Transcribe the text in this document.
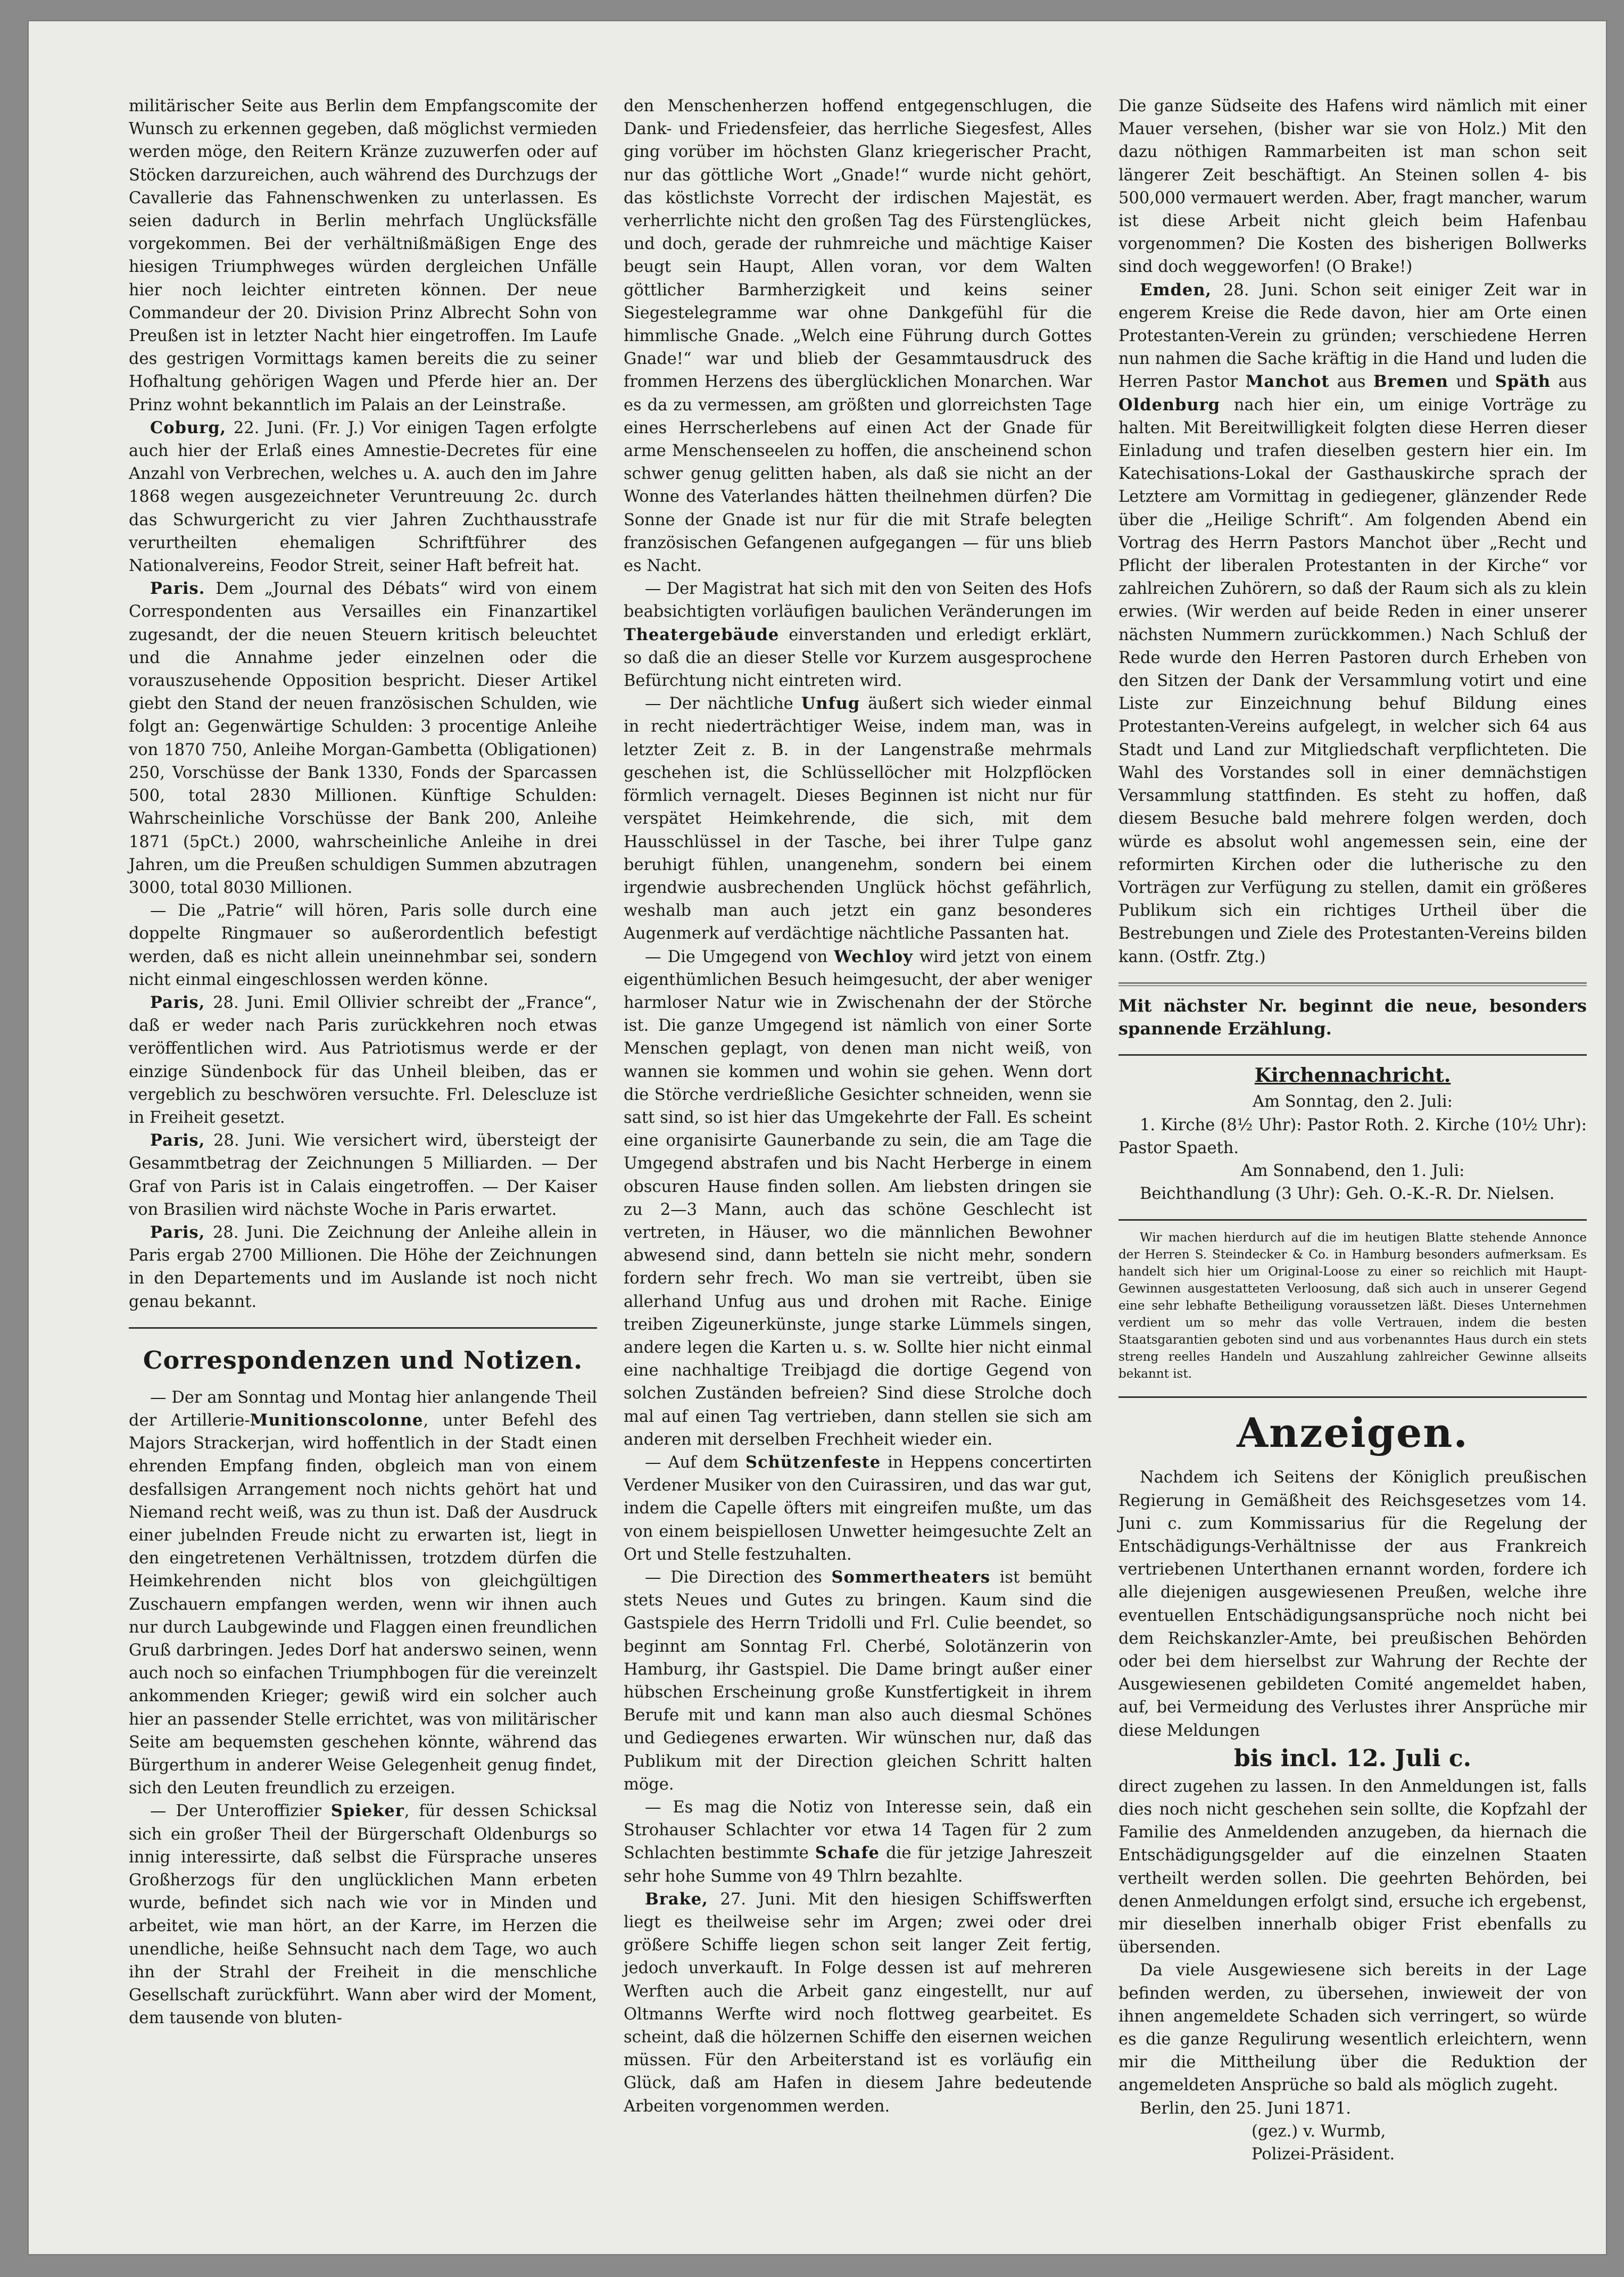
militärischer Seite aus Berlin dem Empfangscomite der Wunsch zu erkennen gegeben, daß möglichst vermieden werden möge, den Reitern Kränze zuzuwerfen oder auf Stöcken darzureichen, auch während des Durchzugs der Cavallerie das Fahnenschwenken zu unterlassen. Es seien dadurch in Berlin mehrfach Unglücksfälle vorgekommen. Bei der verhältnißmäßigen Enge des hiesigen Triumphweges würden dergleichen Unfälle hier noch leichter eintreten können. Der neue Commandeur der 20. Division Prinz Albrecht Sohn von Preußen ist in letzter Nacht hier eingetroffen. Im Laufe des gestrigen Vormittags kamen bereits die zu seiner Hofhaltung gehörigen Wagen und Pferde hier an. Der Prinz wohnt bekanntlich im Palais an der Leinstraße.

Coburg, 22. Juni. (Fr. J.) Vor einigen Tagen erfolgte auch hier der Erlaß eines Amnestie-Decretes für eine Anzahl von Verbrechen, welches u. A. auch den im Jahre 1868 wegen ausgezeichneter Veruntreuung 2c. durch das Schwurgericht zu vier Jahren Zuchthausstrafe verurtheilten ehemaligen Schriftführer des Nationalvereins, Feodor Streit, seiner Haft befreit hat.

Paris. Dem „Journal des Débats“ wird von einem Correspondenten aus Versailles ein Finanzartikel zugesandt, der die neuen Steuern kritisch beleuchtet und die Annahme jeder einzelnen oder die vorauszusehende Opposition bespricht. Dieser Artikel giebt den Stand der neuen französischen Schulden, wie folgt an: Gegenwärtige Schulden: 3 procentige Anleihe von 1870 750, Anleihe Morgan-Gambetta (Obligationen) 250, Vorschüsse der Bank 1330, Fonds der Sparcassen 500, total 2830 Millionen. Künftige Schulden: Wahrscheinliche Vorschüsse der Bank 200, Anleihe 1871 (5pCt.) 2000, wahrscheinliche Anleihe in drei Jahren, um die Preußen schuldigen Summen abzutragen 3000, total 8030 Millionen.

— Die „Patrie“ will hören, Paris solle durch eine doppelte Ringmauer so außerordentlich befestigt werden, daß es nicht allein uneinnehmbar sei, sondern nicht einmal eingeschlossen werden könne.

Paris, 28. Juni. Emil Ollivier schreibt der „France“, daß er weder nach Paris zurückkehren noch etwas veröffentlichen wird. Aus Patriotismus werde er der einzige Sündenbock für das Unheil bleiben, das er vergeblich zu beschwören versuchte. Frl. Delescluze ist in Freiheit gesetzt.

Paris, 28. Juni. Wie versichert wird, übersteigt der Gesammtbetrag der Zeichnungen 5 Milliarden. — Der Graf von Paris ist in Calais eingetroffen. — Der Kaiser von Brasilien wird nächste Woche in Paris erwartet.

Paris, 28. Juni. Die Zeichnung der Anleihe allein in Paris ergab 2700 Millionen. Die Höhe der Zeichnungen in den Departements und im Auslande ist noch nicht genau bekannt.

Correspondenzen und Notizen.

— Der am Sonntag und Montag hier anlangende Theil der Artillerie-Munitionscolonne, unter Befehl des Majors Strackerjan, wird hoffentlich in der Stadt einen ehrenden Empfang finden, obgleich man von einem desfallsigen Arrangement noch nichts gehört hat und Niemand recht weiß, was zu thun ist. Daß der Ausdruck einer jubelnden Freude nicht zu erwarten ist, liegt in den eingetretenen Verhältnissen, trotzdem dürfen die Heimkehrenden nicht blos von gleichgültigen Zuschauern empfangen werden, wenn wir ihnen auch nur durch Laubgewinde und Flaggen einen freundlichen Gruß darbringen. Jedes Dorf hat anderswo seinen, wenn auch noch so einfachen Triumphbogen für die vereinzelt ankommenden Krieger; gewiß wird ein solcher auch hier an passender Stelle errichtet, was von militärischer Seite am bequemsten geschehen könnte, während das Bürgerthum in anderer Weise Gelegenheit genug findet, sich den Leuten freundlich zu erzeigen.

— Der Unteroffizier Spieker, für dessen Schicksal sich ein großer Theil der Bürgerschaft Oldenburgs so innig interessirte, daß selbst die Fürsprache unseres Großherzogs für den unglücklichen Mann erbeten wurde, befindet sich nach wie vor in Minden und arbeitet, wie man hört, an der Karre, im Herzen die unendliche, heiße Sehnsucht nach dem Tage, wo auch ihn der Strahl der Freiheit in die menschliche Gesellschaft zurückführt. Wann aber wird der Moment, dem tausende von bluten-

den Menschenherzen hoffend entgegenschlugen, die Dank- und Friedensfeier, das herrliche Siegesfest, Alles ging vorüber im höchsten Glanz kriegerischer Pracht, nur das göttliche Wort „Gnade!“ wurde nicht gehört, das köstlichste Vorrecht der irdischen Majestät, es verherrlichte nicht den großen Tag des Fürstenglückes, und doch, gerade der ruhmreiche und mächtige Kaiser beugt sein Haupt, Allen voran, vor dem Walten göttlicher Barmherzigkeit und keins seiner Siegestelegramme war ohne Dankgefühl für die himmlische Gnade. „Welch eine Führung durch Gottes Gnade!“ war und blieb der Gesammtausdruck des frommen Herzens des überglücklichen Monarchen. War es da zu vermessen, am größten und glorreichsten Tage eines Herrscherlebens auf einen Act der Gnade für arme Menschenseelen zu hoffen, die anscheinend schon schwer genug gelitten haben, als daß sie nicht an der Wonne des Vaterlandes hätten theilnehmen dürfen? Die Sonne der Gnade ist nur für die mit Strafe belegten französischen Gefangenen aufgegangen — für uns blieb es Nacht.

— Der Magistrat hat sich mit den von Seiten des Hofs beabsichtigten vorläufigen baulichen Veränderungen im Theatergebäude einverstanden und erledigt erklärt, so daß die an dieser Stelle vor Kurzem ausgesprochene Befürchtung nicht eintreten wird.

— Der nächtliche Unfug äußert sich wieder einmal in recht niederträchtiger Weise, indem man, was in letzter Zeit z. B. in der Langenstraße mehrmals geschehen ist, die Schlüssellöcher mit Holzpflöcken förmlich vernagelt. Dieses Beginnen ist nicht nur für verspätet Heimkehrende, die sich, mit dem Hausschlüssel in der Tasche, bei ihrer Tulpe ganz beruhigt fühlen, unangenehm, sondern bei einem irgendwie ausbrechenden Unglück höchst gefährlich, weshalb man auch jetzt ein ganz besonderes Augenmerk auf verdächtige nächtliche Passanten hat.

— Die Umgegend von Wechloy wird jetzt von einem eigenthümlichen Besuch heimgesucht, der aber weniger harmloser Natur wie in Zwischenahn der der Störche ist. Die ganze Umgegend ist nämlich von einer Sorte Menschen geplagt, von denen man nicht weiß, von wannen sie kommen und wohin sie gehen. Wenn dort die Störche verdrießliche Gesichter schneiden, wenn sie satt sind, so ist hier das Umgekehrte der Fall. Es scheint eine organisirte Gaunerbande zu sein, die am Tage die Umgegend abstrafen und bis Nacht Herberge in einem obscuren Hause finden sollen. Am liebsten dringen sie zu 2—3 Mann, auch das schöne Geschlecht ist vertreten, in Häuser, wo die männlichen Bewohner abwesend sind, dann betteln sie nicht mehr, sondern fordern sehr frech. Wo man sie vertreibt, üben sie allerhand Unfug aus und drohen mit Rache. Einige treiben Zigeunerkünste, junge starke Lümmels singen, andere legen die Karten u. s. w. Sollte hier nicht einmal eine nachhaltige Treibjagd die dortige Gegend von solchen Zuständen befreien? Sind diese Strolche doch mal auf einen Tag vertrieben, dann stellen sie sich am anderen mit derselben Frechheit wieder ein.

— Auf dem Schützenfeste in Heppens concertirten Verdener Musiker von den Cuirassiren, und das war gut, indem die Capelle öfters mit eingreifen mußte, um das von einem beispiellosen Unwetter heimgesuchte Zelt an Ort und Stelle festzuhalten.

— Die Direction des Sommertheaters ist bemüht stets Neues und Gutes zu bringen. Kaum sind die Gastspiele des Herrn Tridolli und Frl. Culie beendet, so beginnt am Sonntag Frl. Cherbé, Solotänzerin von Hamburg, ihr Gastspiel. Die Dame bringt außer einer hübschen Erscheinung große Kunstfertigkeit in ihrem Berufe mit und kann man also auch diesmal Schönes und Gediegenes erwarten. Wir wünschen nur, daß das Publikum mit der Direction gleichen Schritt halten möge.

— Es mag die Notiz von Interesse sein, daß ein Strohauser Schlachter vor etwa 14 Tagen für 2 zum Schlachten bestimmte Schafe die für jetzige Jahreszeit sehr hohe Summe von 49 Thlrn bezahlte.

Brake, 27. Juni. Mit den hiesigen Schiffswerften liegt es theilweise sehr im Argen; zwei oder drei größere Schiffe liegen schon seit langer Zeit fertig, jedoch unverkauft. In Folge dessen ist auf mehreren Werften auch die Arbeit ganz eingestellt, nur auf Oltmanns Werfte wird noch flottweg gearbeitet. Es scheint, daß die hölzernen Schiffe den eisernen weichen müssen. Für den Arbeiterstand ist es vorläufig ein Glück, daß am Hafen in diesem Jahre bedeutende Arbeiten vorgenommen werden.

Die ganze Südseite des Hafens wird nämlich mit einer Mauer versehen, (bisher war sie von Holz.) Mit den dazu nöthigen Rammarbeiten ist man schon seit längerer Zeit beschäftigt. An Steinen sollen 4- bis 500,000 vermauert werden. Aber, fragt mancher, warum ist diese Arbeit nicht gleich beim Hafenbau vorgenommen? Die Kosten des bisherigen Bollwerks sind doch weggeworfen! (O Brake!)

Emden, 28. Juni. Schon seit einiger Zeit war in engerem Kreise die Rede davon, hier am Orte einen Protestanten-Verein zu gründen; verschiedene Herren nun nahmen die Sache kräftig in die Hand und luden die Herren Pastor Manchot aus Bremen und Späth aus Oldenburg nach hier ein, um einige Vorträge zu halten. Mit Bereitwilligkeit folgten diese Herren dieser Einladung und trafen dieselben gestern hier ein. Im Katechisations-Lokal der Gasthauskirche sprach der Letztere am Vormittag in gediegener, glänzender Rede über die „Heilige Schrift“. Am folgenden Abend ein Vortrag des Herrn Pastors Manchot über „Recht und Pflicht der liberalen Protestanten in der Kirche“ vor zahlreichen Zuhörern, so daß der Raum sich als zu klein erwies. (Wir werden auf beide Reden in einer unserer nächsten Nummern zurückkommen.) Nach Schluß der Rede wurde den Herren Pastoren durch Erheben von den Sitzen der Dank der Versammlung votirt und eine Liste zur Einzeichnung behuf Bildung eines Protestanten-Vereins aufgelegt, in welcher sich 64 aus Stadt und Land zur Mitgliedschaft verpflichteten. Die Wahl des Vorstandes soll in einer demnächstigen Versammlung stattfinden. Es steht zu hoffen, daß diesem Besuche bald mehrere folgen werden, doch würde es absolut wohl angemessen sein, eine der reformirten Kirchen oder die lutherische zu den Vorträgen zur Verfügung zu stellen, damit ein größeres Publikum sich ein richtiges Urtheil über die Bestrebungen und Ziele des Protestanten-Vereins bilden kann. (Ostfr. Ztg.)

Mit nächster Nr. beginnt die neue, besonders spannende Erzählung.

Kirchennachricht.

Am Sonntag, den 2. Juli:

1. Kirche (8½ Uhr): Pastor Roth. 2. Kirche (10½ Uhr): Pastor Spaeth.

Am Sonnabend, den 1. Juli:

Beichthandlung (3 Uhr): Geh. O.-K.-R. Dr. Nielsen.

Wir machen hierdurch auf die im heutigen Blatte stehende Annonce der Herren S. Steindecker & Co. in Hamburg besonders aufmerksam. Es handelt sich hier um Original-Loose zu einer so reichlich mit Haupt-Gewinnen ausgestatteten Verloosung, daß sich auch in unserer Gegend eine sehr lebhafte Betheiligung voraussetzen läßt. Dieses Unternehmen verdient um so mehr das volle Vertrauen, indem die besten Staatsgarantien geboten sind und aus vorbenanntes Haus durch ein stets streng reelles Handeln und Auszahlung zahlreicher Gewinne allseits bekannt ist.

Anzeigen.

Nachdem ich Seitens der Königlich preußischen Regierung in Gemäßheit des Reichsgesetzes vom 14. Juni c. zum Kommissarius für die Regelung der Entschädigungs-Verhältnisse der aus Frankreich vertriebenen Unterthanen ernannt worden, fordere ich alle diejenigen ausgewiesenen Preußen, welche ihre eventuellen Entschädigungsansprüche noch nicht bei dem Reichskanzler-Amte, bei preußischen Behörden oder bei dem hierselbst zur Wahrung der Rechte der Ausgewiesenen gebildeten Comité angemeldet haben, auf, bei Vermeidung des Verlustes ihrer Ansprüche mir diese Meldungen

bis incl. 12. Juli c.

direct zugehen zu lassen. In den Anmeldungen ist, falls dies noch nicht geschehen sein sollte, die Kopfzahl der Familie des Anmeldenden anzugeben, da hiernach die Entschädigungsgelder auf die einzelnen Staaten vertheilt werden sollen. Die geehrten Behörden, bei denen Anmeldungen erfolgt sind, ersuche ich ergebenst, mir dieselben innerhalb obiger Frist ebenfalls zu übersenden.

Da viele Ausgewiesene sich bereits in der Lage befinden werden, zu übersehen, inwieweit der von ihnen angemeldete Schaden sich verringert, so würde es die ganze Regulirung wesentlich erleichtern, wenn mir die Mittheilung über die Reduktion der angemeldeten Ansprüche so bald als möglich zugeht.

Berlin, den 25. Juni 1871.

(gez.) v. Wurmb,

Polizei-Präsident.
